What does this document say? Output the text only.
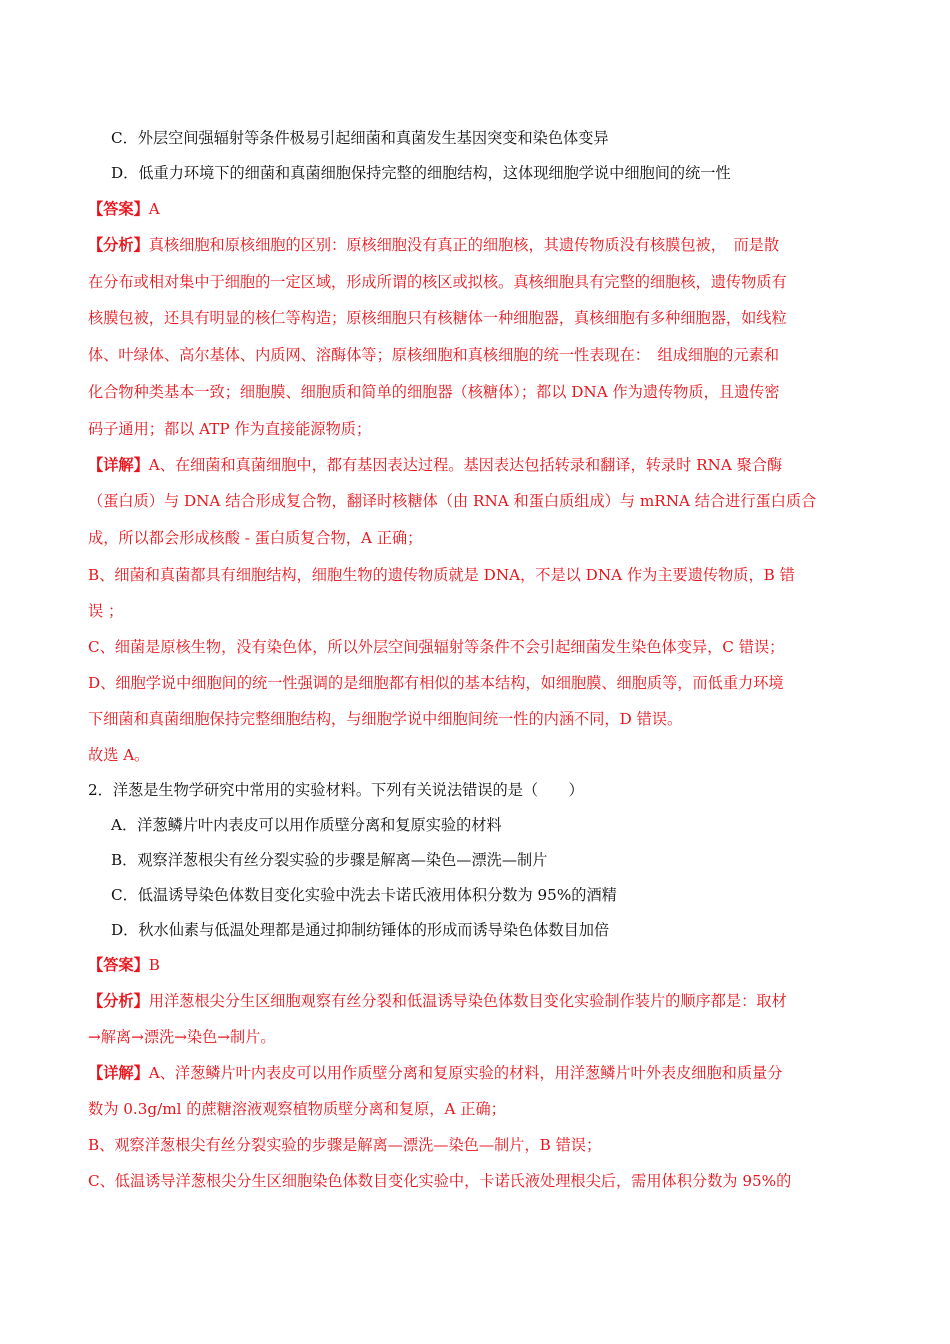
C．外层空间强辐射等条件极易引起细菌和真菌发生基因突变和染色体变异
D．低重力环境下的细菌和真菌细胞保持完整的细胞结构，这体现细胞学说中细胞间的统一性
【答案】A
【分析】真核细胞和原核细胞的区别：原核细胞没有真正的细胞核，其遗传物质没有核膜包被，　而是散
在分布或相对集中于细胞的一定区域，形成所谓的核区或拟核。真核细胞具有完整的细胞核，遗传物质有
核膜包被，还具有明显的核仁等构造；原核细胞只有核糖体一种细胞器，真核细胞有多种细胞器，如线粒
体、叶绿体、高尔基体、内质网、溶酶体等；原核细胞和真核细胞的统一性表现在：　组成细胞的元素和
化合物种类基本一致；细胞膜、细胞质和简单的细胞器（核糖体）；都以 DNA 作为遗传物质，且遗传密
码子通用；都以 ATP 作为直接能源物质；
【详解】A、在细菌和真菌细胞中，都有基因表达过程。基因表达包括转录和翻译，转录时 RNA 聚合酶
（蛋白质）与 DNA 结合形成复合物，翻译时核糖体（由 RNA 和蛋白质组成）与 mRNA 结合进行蛋白质合
成，所以都会形成核酸 - 蛋白质复合物，A 正确；
B、细菌和真菌都具有细胞结构，细胞生物的遗传物质就是 DNA，不是以 DNA 作为主要遗传物质，B 错
误 ；
C、细菌是原核生物，没有染色体，所以外层空间强辐射等条件不会引起细菌发生染色体变异，C 错误；
D、细胞学说中细胞间的统一性强调的是细胞都有相似的基本结构，如细胞膜、细胞质等，而低重力环境
下细菌和真菌细胞保持完整细胞结构，与细胞学说中细胞间统一性的内涵不同，D 错误。
故选 A。
2．洋葱是生物学研究中常用的实验材料。下列有关说法错误的是（　　）
A．洋葱鳞片叶内表皮可以用作质壁分离和复原实验的材料
B．观察洋葱根尖有丝分裂实验的步骤是解离—染色—漂洗—制片
C．低温诱导染色体数目变化实验中洗去卡诺氏液用体积分数为 95%的酒精
D．秋水仙素与低温处理都是通过抑制纺锤体的形成而诱导染色体数目加倍
【答案】B
【分析】用洋葱根尖分生区细胞观察有丝分裂和低温诱导染色体数目变化实验制作装片的顺序都是：取材
→解离→漂洗→染色→制片。
【详解】A、洋葱鳞片叶内表皮可以用作质壁分离和复原实验的材料，用洋葱鳞片叶外表皮细胞和质量分
数为 0.3g/ml 的蔗糖溶液观察植物质壁分离和复原，A 正确；
B、观察洋葱根尖有丝分裂实验的步骤是解离—漂洗—染色—制片，B 错误；
C、低温诱导洋葱根尖分生区细胞染色体数目变化实验中，卡诺氏液处理根尖后，需用体积分数为 95%的
